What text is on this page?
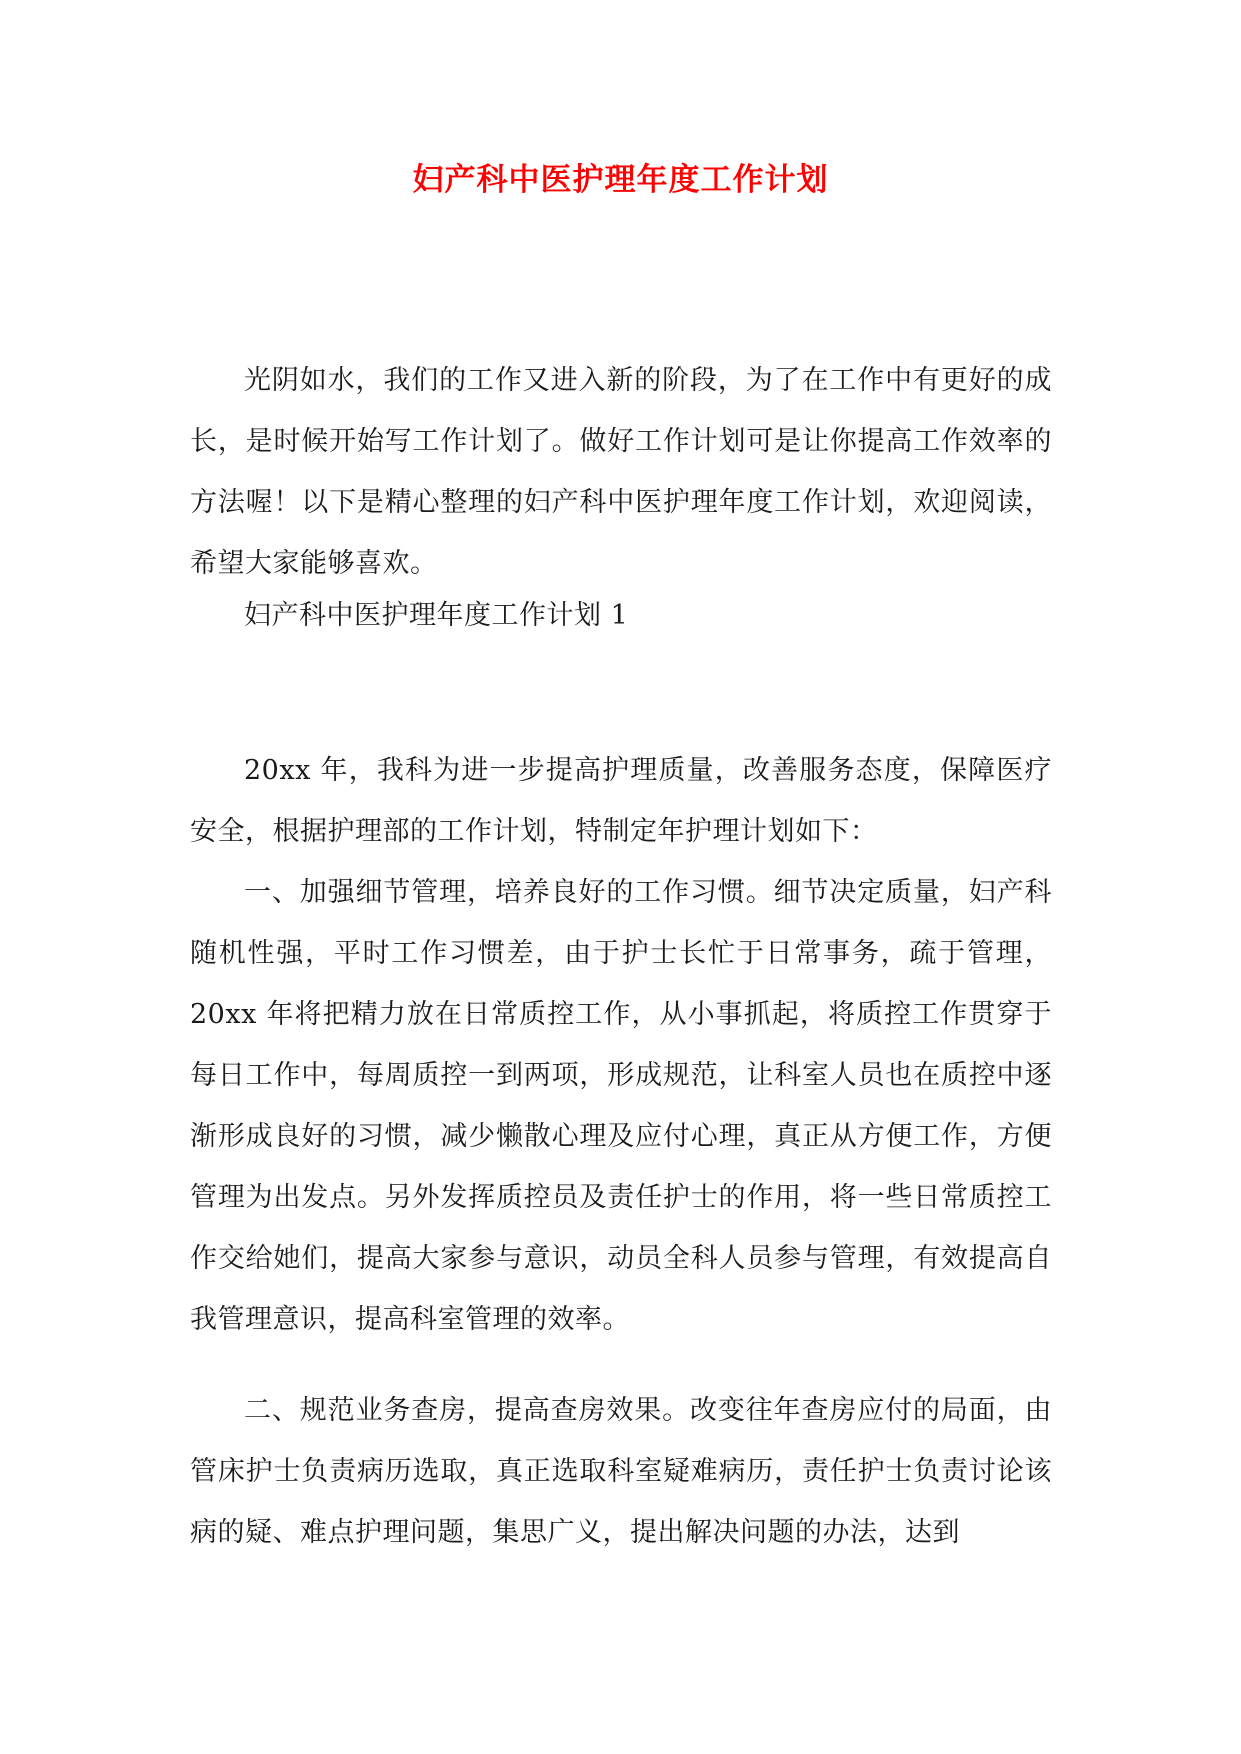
妇产科中医护理年度工作计划

光阴如水，我们的工作又进入新的阶段，为了在工作中有更好的成长，是时候开始写工作计划了。做好工作计划可是让你提高工作效率的方法喔！以下是精心整理的妇产科中医护理年度工作计划，欢迎阅读，希望大家能够喜欢。

妇产科中医护理年度工作计划 1

20xx 年，我科为进一步提高护理质量，改善服务态度，保障医疗安全，根据护理部的工作计划，特制定年护理计划如下：

一、加强细节管理，培养良好的工作习惯。细节决定质量，妇产科随机性强，平时工作习惯差，由于护士长忙于日常事务，疏于管理，20xx 年将把精力放在日常质控工作，从小事抓起，将质控工作贯穿于每日工作中，每周质控一到两项，形成规范，让科室人员也在质控中逐渐形成良好的习惯，减少懒散心理及应付心理，真正从方便工作，方便管理为出发点。另外发挥质控员及责任护士的作用，将一些日常质控工作交给她们，提高大家参与意识，动员全科人员参与管理，有效提高自我管理意识，提高科室管理的效率。

二、规范业务查房，提高查房效果。改变往年查房应付的局面，由管床护士负责病历选取，真正选取科室疑难病历，责任护士负责讨论该病的疑、难点护理问题，集思广义，提出解决问题的办法，达到
